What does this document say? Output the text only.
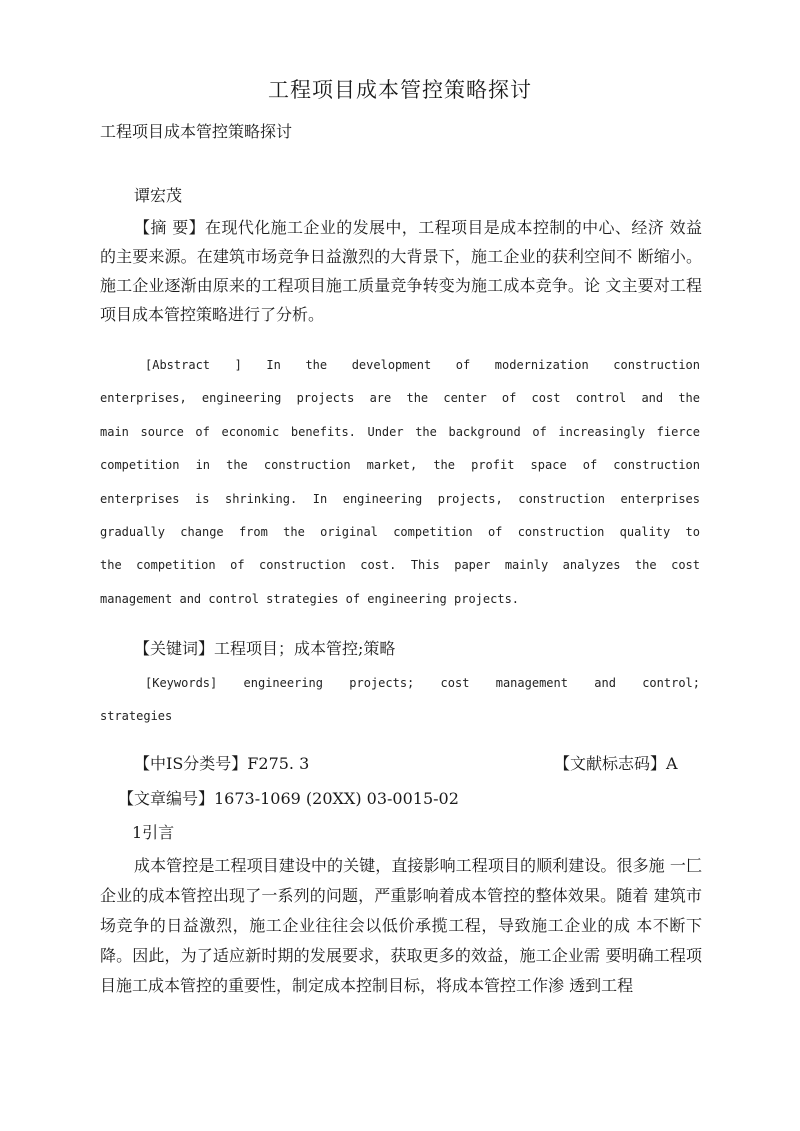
工程项目成本管控策略探讨
工程项目成本管控策略探讨
谭宏茂
【摘 要】在现代化施工企业的发展中，工程项目是成本控制的中心、经济 效益的主要来源。在建筑市场竞争日益激烈的大背景下，施工企业的获利空间不 断缩小。施工企业逐渐由原来的工程项目施工质量竞争转变为施工成本竞争。论 文主要对工程项目成本管控策略进行了分析。
[Abstract ] In the development of modernization construction
enterprises, engineering projects are the center of cost control and the
main source of economic benefits. Under the background of increasingly fierce
competition in the construction market, the profit space of construction
enterprises is shrinking. In engineering projects, construction enterprises
gradually change from the original competition of construction quality to
the competition of construction cost. This paper mainly analyzes the cost
management and control strategies of engineering projects.
【关键词】工程项目；成本管控;策略
[Keywords] engineering projects; cost management and control;
strategies
【中IS分类号】F275. 3	【文献标志码】A
【文章编号】1673-1069 (20XX) 03-0015-02
1引言
成本管控是工程项目建设中的关键，直接影响工程项目的顺利建设。很多施 一匚企业的成本管控出现了一系列的问题，严重影响着成本管控的整体效果。随着 建筑市场竞争的日益激烈，施工企业往往会以低价承揽工程，导致施工企业的成 本不断下降。因此，为了适应新时期的发展要求，获取更多的效益，施工企业需 要明确工程项目施工成本管控的重要性，制定成本控制目标，将成本管控工作渗 透到工程
